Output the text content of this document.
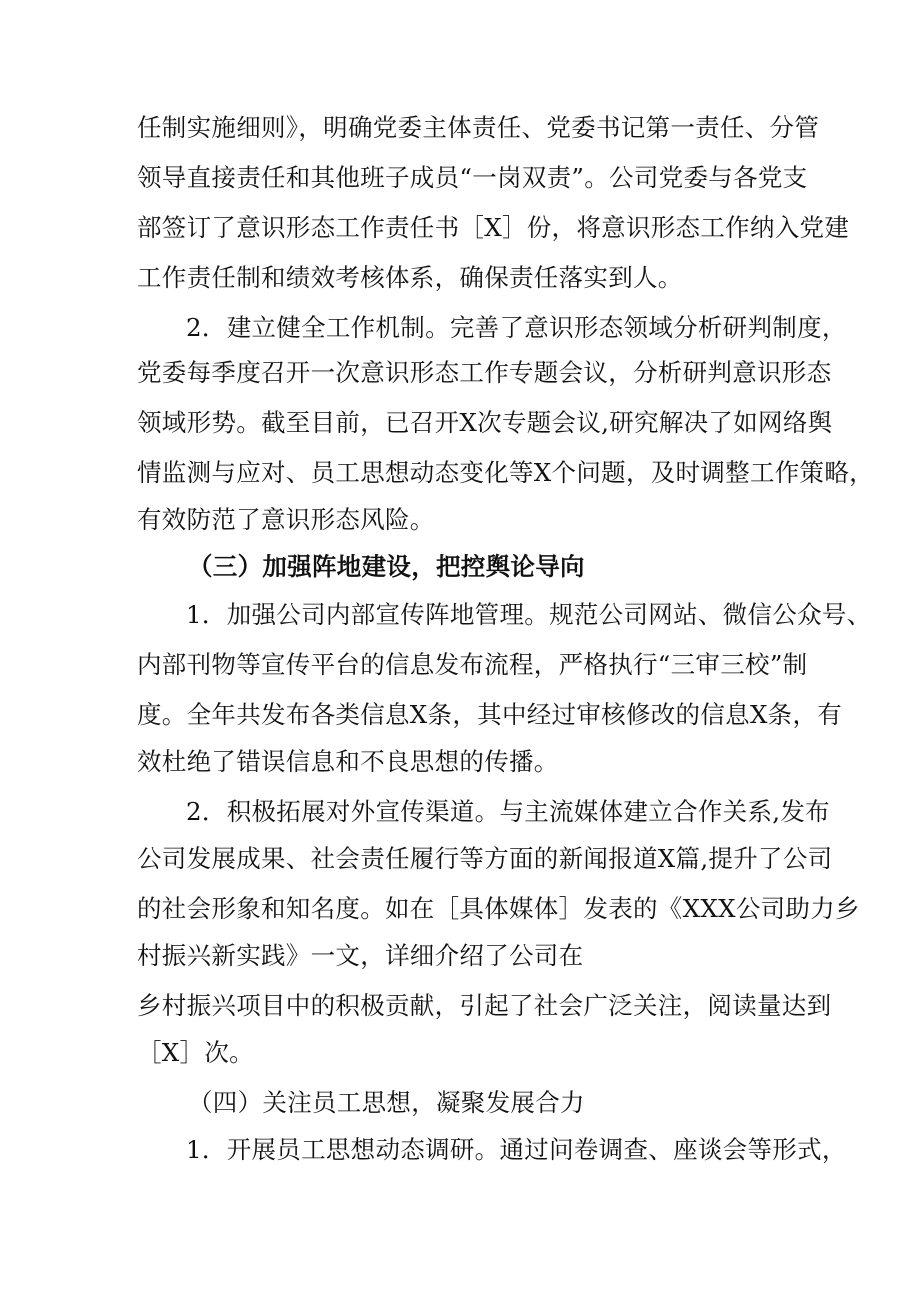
任制实施细则》，明确党委主体责任、党委书记第一责任、分管
领导直接责任和其他班子成员“一岗双责”。公司党委与各党支
部签订了意识形态工作责任书［X］份，将意识形态工作纳入党建
工作责任制和绩效考核体系，确保责任落实到人。
2．建立健全工作机制。完善了意识形态领域分析研判制度，
党委每季度召开一次意识形态工作专题会议，分析研判意识形态
领域形势。截至目前，已召开X次专题会议,研究解决了如网络舆
情监测与应对、员工思想动态变化等X个问题，及时调整工作策略，
有效防范了意识形态风险。
（三）加强阵地建设，把控舆论导向
1．加强公司内部宣传阵地管理。规范公司网站、微信公众号、
内部刊物等宣传平台的信息发布流程，严格执行“三审三校”制
度。全年共发布各类信息X条，其中经过审核修改的信息X条，有
效杜绝了错误信息和不良思想的传播。
2．积极拓展对外宣传渠道。与主流媒体建立合作关系,发布
公司发展成果、社会责任履行等方面的新闻报道X篇,提升了公司
的社会形象和知名度。如在［具体媒体］发表的《XXX公司助力乡
村振兴新实践》一文，详细介绍了公司在
乡村振兴项目中的积极贡献，引起了社会广泛关注，阅读量达到
［X］次。
（四）关注员工思想，凝聚发展合力
1．开展员工思想动态调研。通过问卷调查、座谈会等形式，
